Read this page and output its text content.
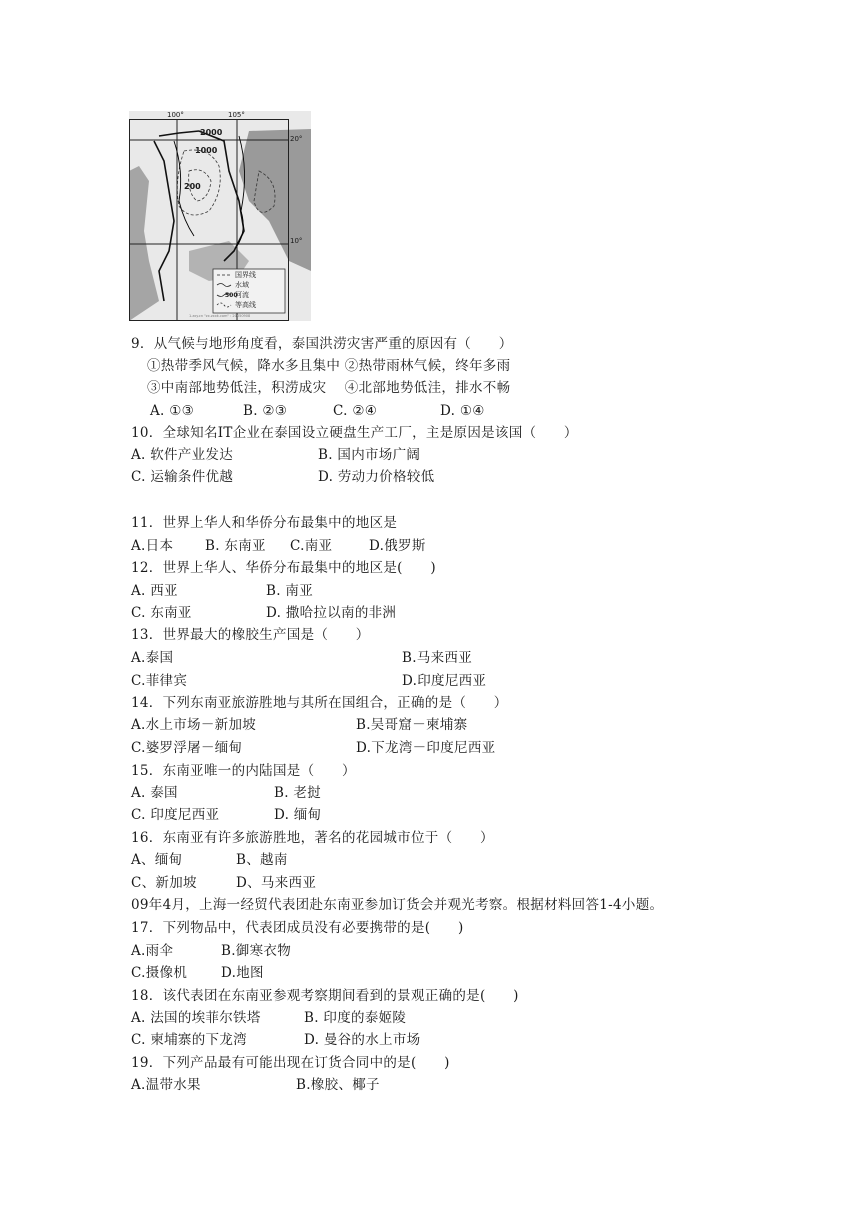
100°	105°
20°
10°
2000
1000
200
国界线
水域
河流
等高线
500
1.zxy.cn "zx.zxxk.com" : 20050908
9．从气候与地形角度看，泰国洪涝灾害严重的原因有（　　）
①热带季风气候，降水多且集中 ②热带雨林气候，终年多雨
③中南部地势低洼，积涝成灾　 ④北部地势低洼，排水不畅
A. ①③	B. ②③	C. ②④	D. ①④
10．全球知名IT企业在泰国设立硬盘生产工厂，主是原因是该国（　　）
A. 软件产业发达	B. 国内市场广阔
C. 运输条件优越	D. 劳动力价格较低
11．世界上华人和华侨分布最集中的地区是
A.日本 B. 东南亚 C.南亚	D.俄罗斯
12．世界上华人、华侨分布最集中的地区是(　　)
A. 西亚	B. 南亚
C. 东南亚	D. 撒哈拉以南的非洲
13．世界最大的橡胶生产国是（　　）
A.泰国	B.马来西亚
C.菲律宾	D.印度尼西亚
14．下列东南亚旅游胜地与其所在国组合，正确的是（　　）
A.水上市场－新加坡	B.吴哥窟－柬埔寨
C.婆罗浮屠－缅甸	D.下龙湾－印度尼西亚
15．东南亚唯一的内陆国是（　　）
A. 泰国	B. 老挝
C. 印度尼西亚	D. 缅甸
16．东南亚有许多旅游胜地，著名的花园城市位于（　　）
A、缅甸	B、越南
C、新加坡	D、马来西亚
09年4月，上海一经贸代表团赴东南亚参加订货会并观光考察。根据材料回答1-4小题。
17．下列物品中，代表团成员没有必要携带的是(　　)
A.雨伞	B.御寒衣物
C.摄像机	D.地图
18．该代表团在东南亚参观考察期间看到的景观正确的是(　　)
A. 法国的埃菲尔铁塔	B. 印度的泰姬陵
C. 柬埔寨的下龙湾	D. 曼谷的水上市场
19．下列产品最有可能出现在订货合同中的是(　　)
A.温带水果	B.橡胶、椰子
